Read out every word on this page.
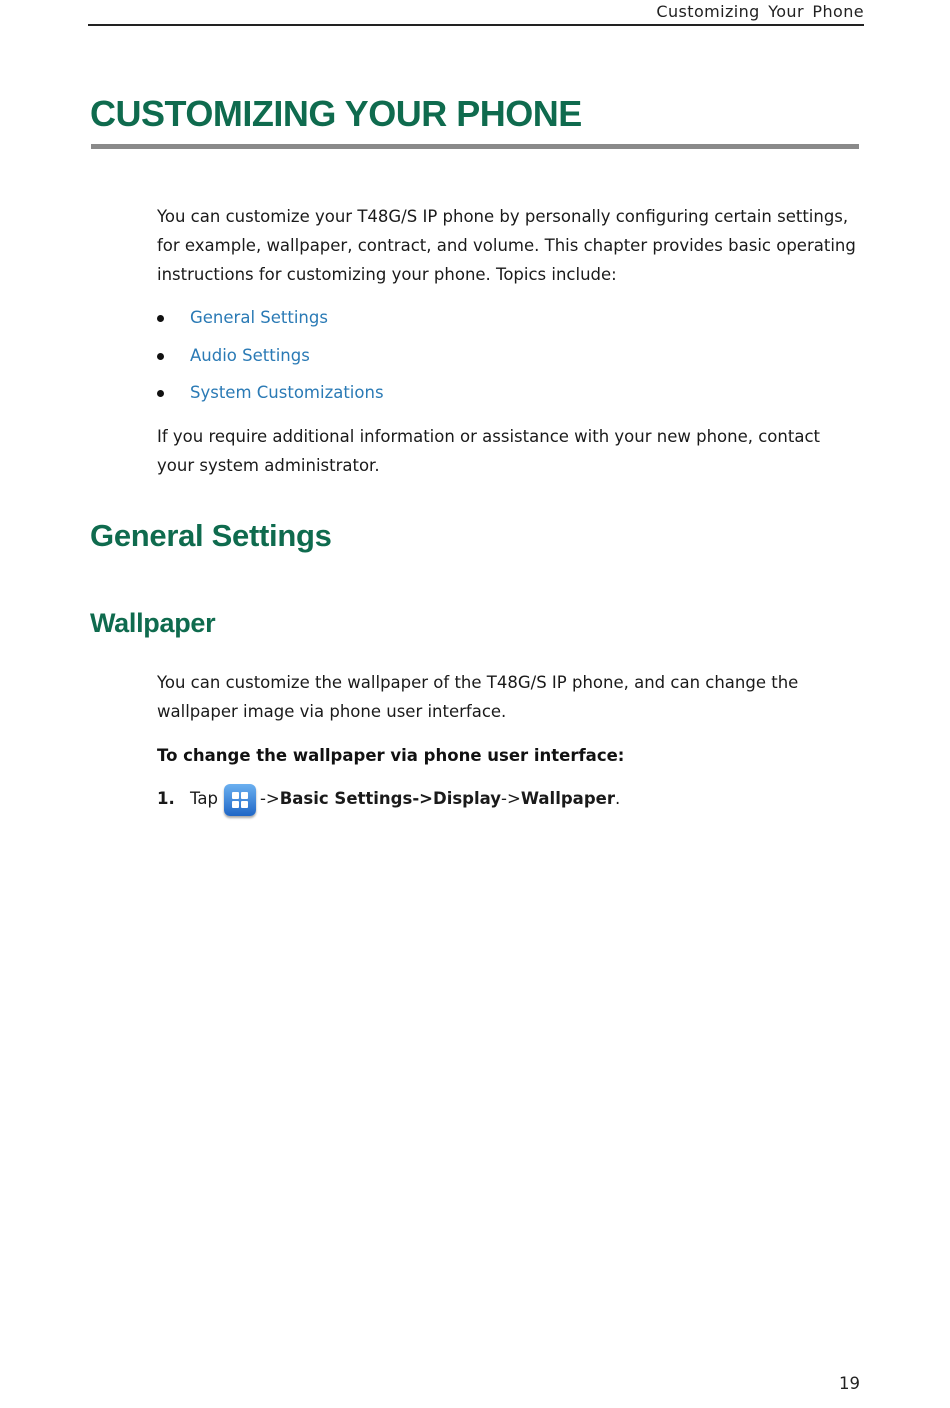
Customizing Your Phone
CUSTOMIZING YOUR PHONE

You can customize your T48G/S IP phone by personally configuring certain settings, for example, wallpaper, contract, and volume. This chapter provides basic operating instructions for customizing your phone. Topics include:

General Settings
Audio Settings
System Customizations

If you require additional information or assistance with your new phone, contact your system administrator.

General Settings
Wallpaper

You can customize the wallpaper of the T48G/S IP phone, and can change the wallpaper image via phone user interface.

To change the wallpaper via phone user interface:

1. Tap	-> Basic Settings-> Display -> Wallpaper .
19
